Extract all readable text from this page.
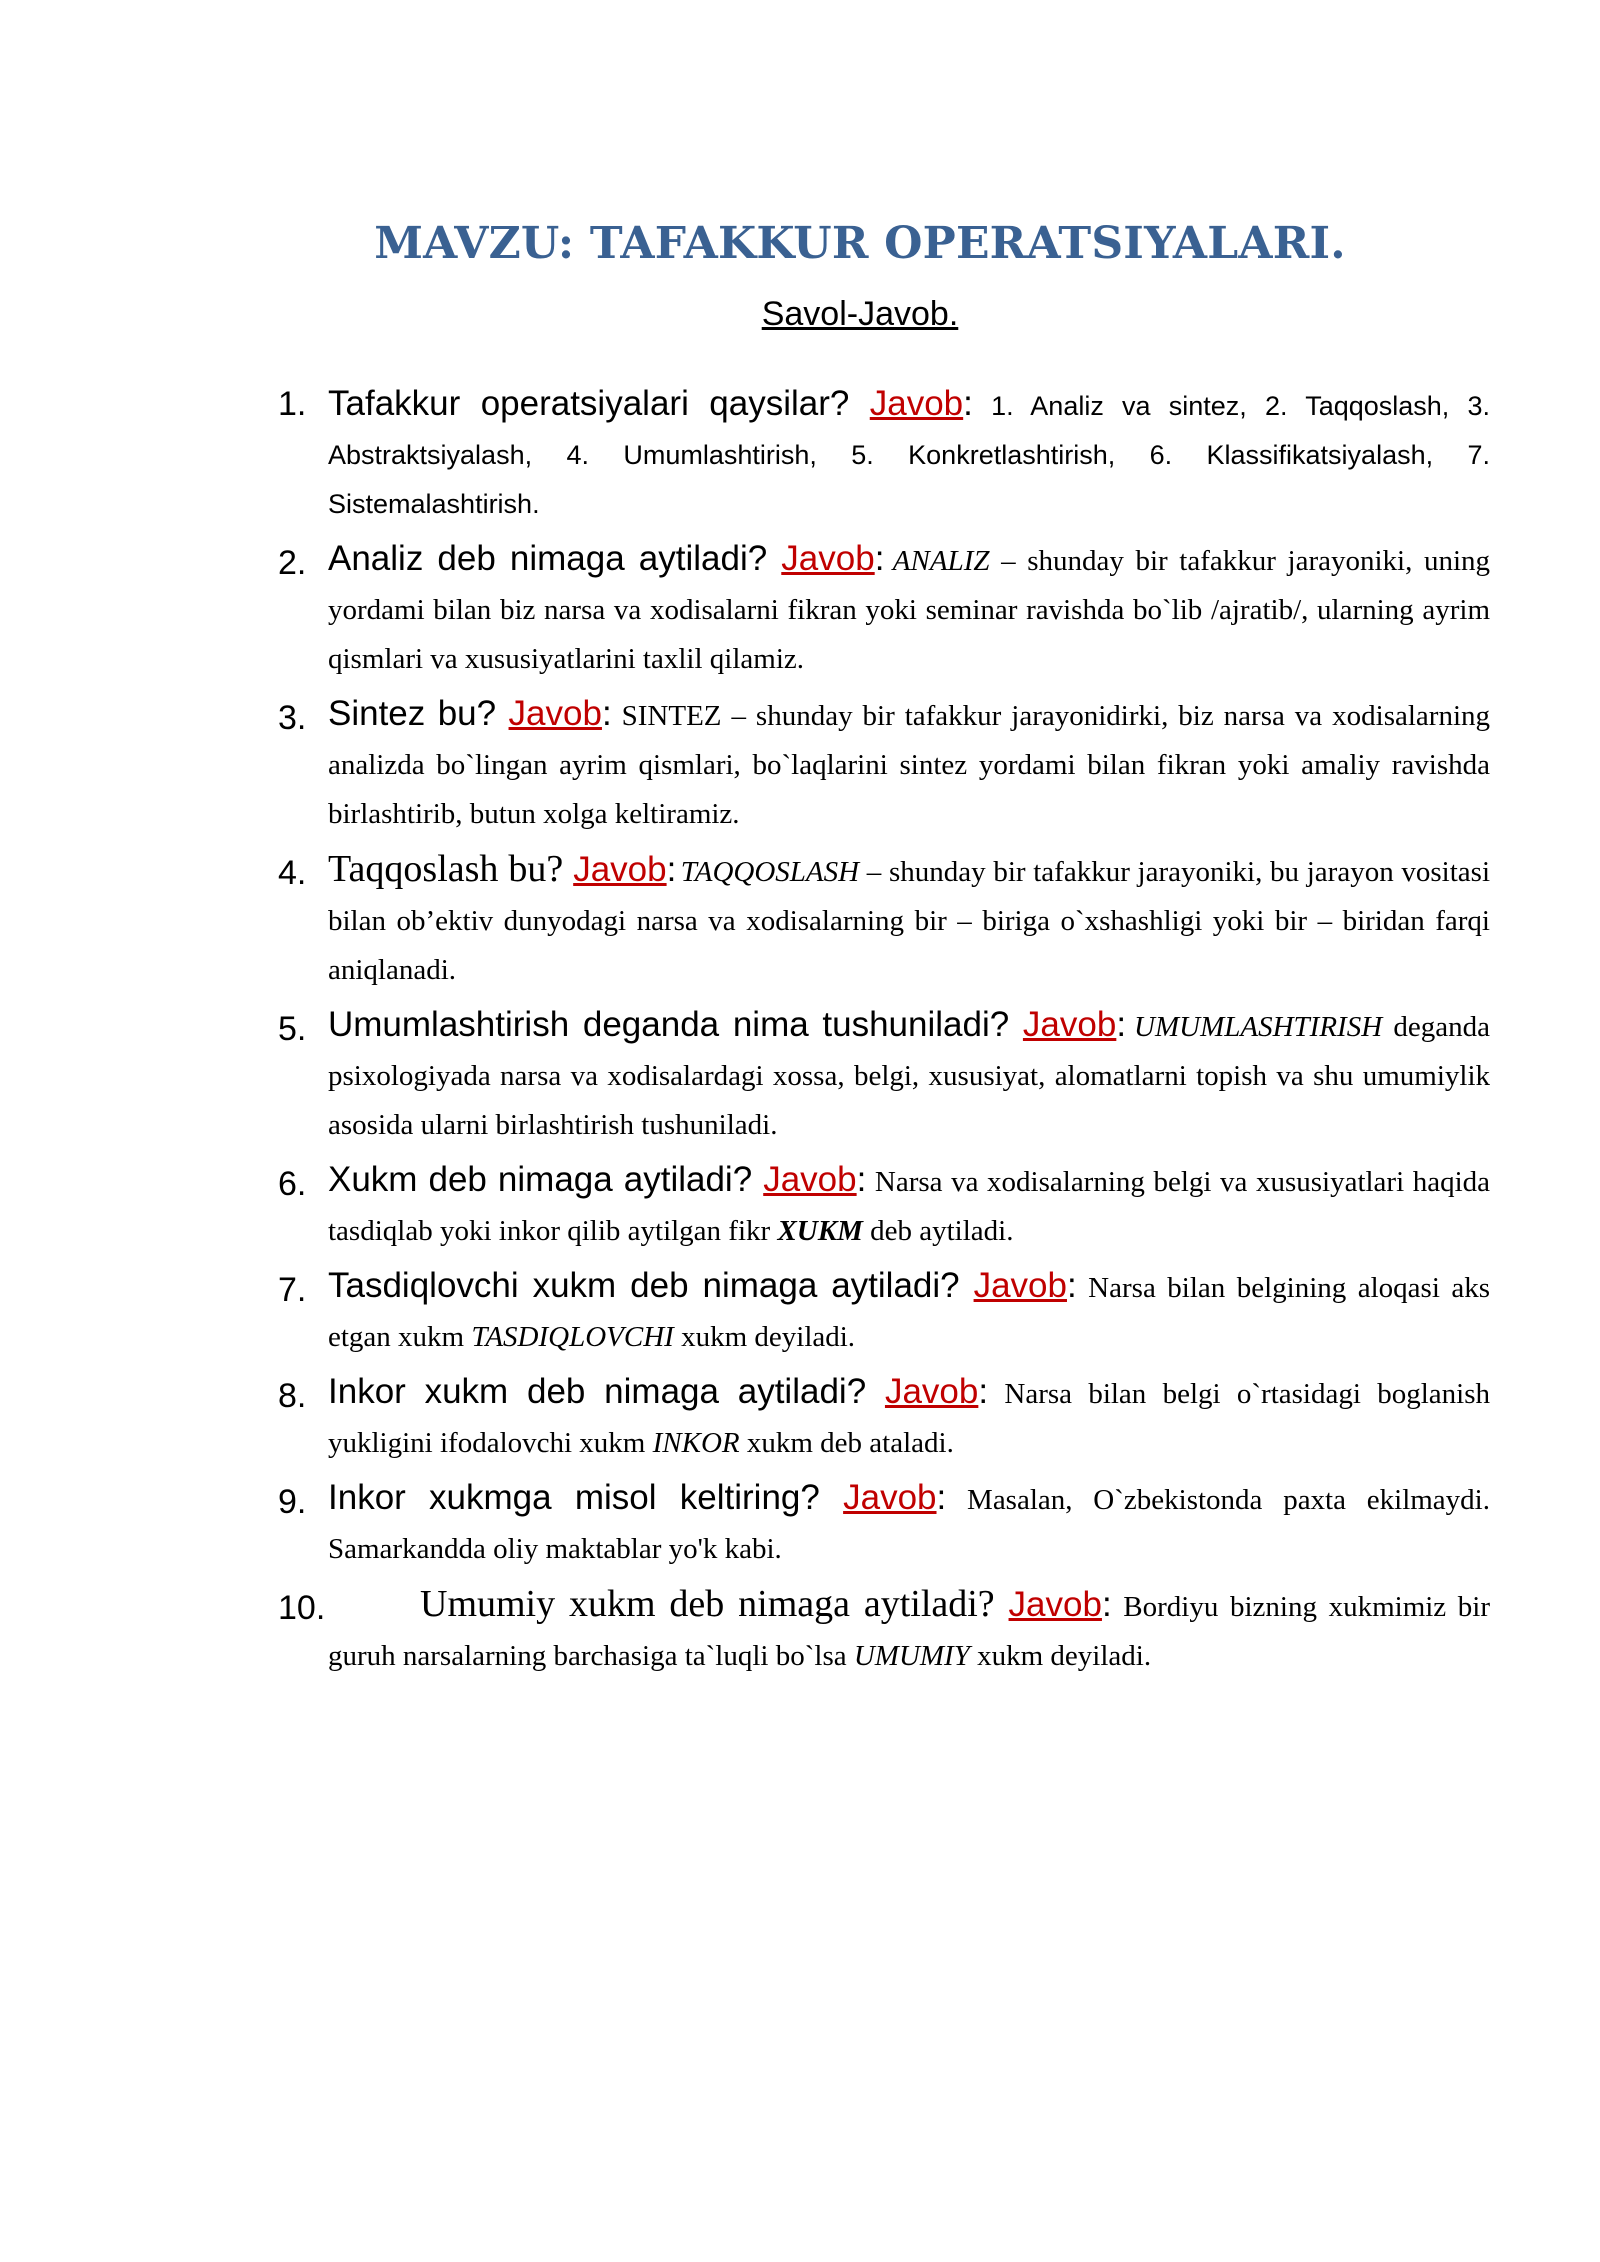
MAVZU: TAFAKKUR OPERATSIYALARI.
Savol-Javob.
1. Tafakkur operatsiyalari qaysilar? Javob: 1. Analiz va sintez, 2. Taqqoslash, 3. Abstraktsiyalash, 4. Umumlashtirish, 5. Konkretlashtirish, 6. Klassifikatsiyalash, 7. Sistemalashtirish.
2. Analiz deb nimaga aytiladi? Javob: ANALIZ – shunday bir tafakkur jarayoniki, uning yordami bilan biz narsa va xodisalarni fikran yoki seminar ravishda bo`lib /ajratib/, ularning ayrim qismlari va xususiyatlarini taxlil qilamiz.
3. Sintez bu? Javob: SINTEZ – shunday bir tafakkur jarayonidirki, biz narsa va xodisalarning analizda bo`lingan ayrim qismlari, bo`laqlarini sintez yordami bilan fikran yoki amaliy ravishda birlashtirib, butun xolga keltiramiz.
4. Taqqoslash bu? Javob: TAQQOSLASH – shunday bir tafakkur jarayoniki, bu jarayon vositasi bilan ob’ektiv dunyodagi narsa va xodisalarning bir – biriga o`xshashligi yoki bir – biridan farqi aniqlanadi.
5. Umumlashtirish deganda nima tushuniladi? Javob: UMUMLASHTIRISH deganda psixologiyada narsa va xodisalardagi xossa, belgi, xususiyat, alomatlarni topish va shu umumiylik asosida ularni birlashtirish tushuniladi.
6. Xukm deb nimaga aytiladi? Javob: Narsa va xodisalarning belgi va xususiyatlari haqida tasdiqlab yoki inkor qilib aytilgan fikr XUKM deb aytiladi.
7. Tasdiqlovchi xukm deb nimaga aytiladi? Javob: Narsa bilan belgining aloqasi aks etgan xukm TASDIQLOVCHI xukm deyiladi.
8. Inkor xukm deb nimaga aytiladi? Javob: Narsa bilan belgi o`rtasidagi boglanish yukligini ifodalovchi xukm INKOR xukm deb ataladi.
9. Inkor xukmga misol keltiring? Javob: Masalan, O`zbekistonda paxta ekilmaydi. Samarkandda oliy maktablar yo'k kabi.
10.	Umumiy xukm deb nimaga aytiladi? Javob: Bordiyu bizning xukmimiz bir guruh narsalarning barchasiga ta`luqli bo`lsa UMUMIY xukm deyiladi.
